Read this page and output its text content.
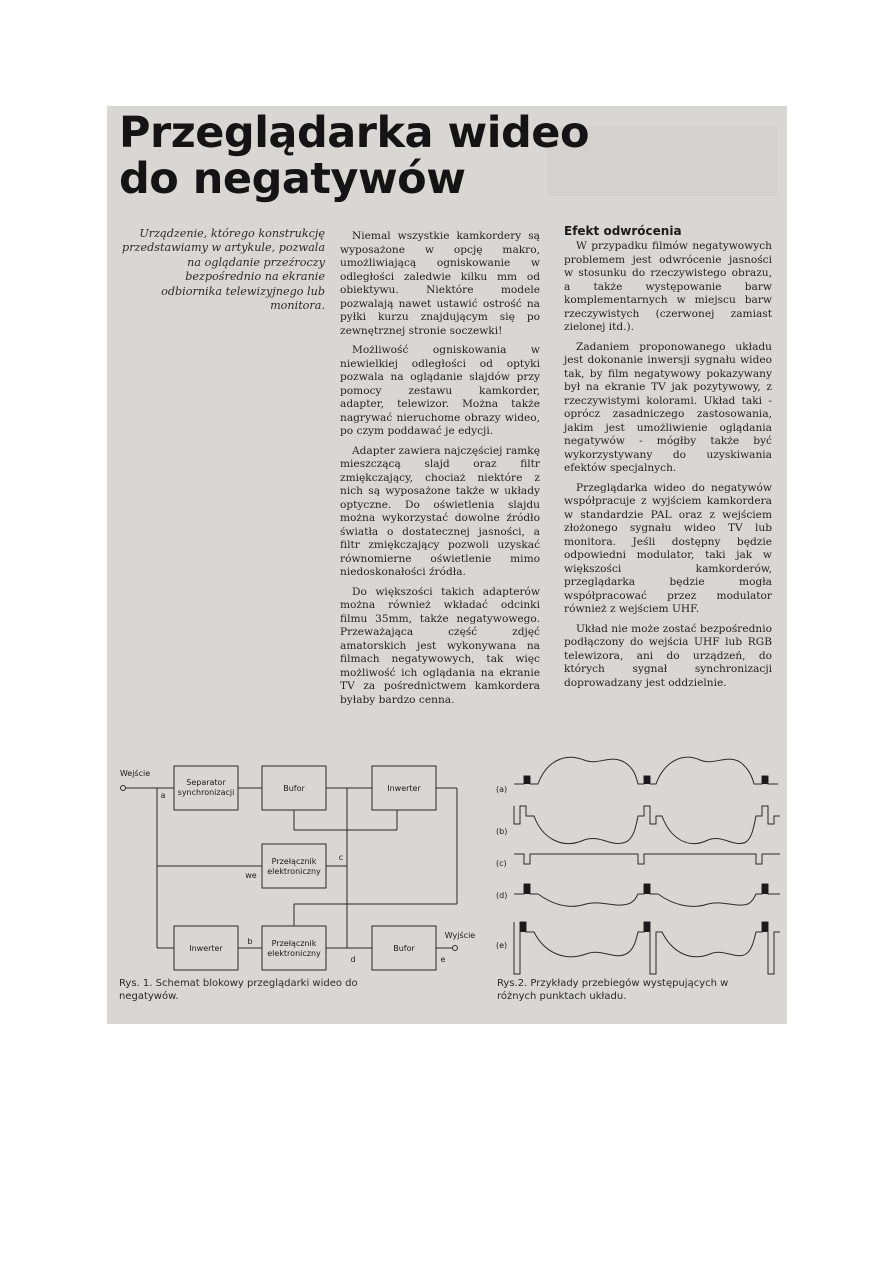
Przeglądarka wideo
do negatywów

Urządzenie, którego konstrukcję przedstawiamy w artykule, pozwala na oglądanie przeźroczy bezpośrednio na ekranie odbiornika telewizyjnego lub monitora.

Niemal wszystkie kamkordery są wyposażone w opcję makro, umożliwiającą ogniskowanie w odległości zaledwie kilku mm od obiektywu. Niektóre modele pozwalają nawet ustawić ostrość na pyłki kurzu znajdującym się po zewnętrznej stronie soczewki!

Możliwość ogniskowania w niewielkiej odległości od optyki pozwala na oglądanie slajdów przy pomocy zestawu kamkorder, adapter, telewizor. Można także nagrywać nieruchome obrazy wideo, po czym poddawać je edycji.

Adapter zawiera najczęściej ramkę mieszczącą slajd oraz filtr zmiękczający, chociaż niektóre z nich są wyposażone także w układy optyczne. Do oświetlenia slajdu można wykorzystać dowolne źródło światła o dostatecznej jasności, a filtr zmiękczający pozwoli uzyskać równomierne oświetlenie mimo niedoskonałości źródła.

Do większości takich adapterów można również wkładać odcinki filmu 35mm, także negatywowego. Przeważająca część zdjęć amatorskich jest wykonywana na filmach negatywowych, tak więc możliwość ich oglądania na ekranie TV za pośrednictwem kamkordera byłaby bardzo cenna.

Efekt odwrócenia

W przypadku filmów negatywowych problemem jest odwrócenie jasności w stosunku do rzeczywistego obrazu, a także występowanie barw komplementarnych w miejscu barw rzeczywistych (czerwonej zamiast zielonej itd.).

Zadaniem proponowanego układu jest dokonanie inwersji sygnału wideo tak, by film negatywowy pokazywany był na ekranie TV jak pozytywowy, z rzeczywistymi kolorami. Układ taki - oprócz zasadniczego zastosowania, jakim jest umożliwienie oglądania negatywów - mógłby także być wykorzystywany do uzyskiwania efektów specjalnych.

Przeglądarka wideo do negatywów współpracuje z wyjściem kamkordera w standardzie PAL oraz z wejściem złożonego sygnału wideo TV lub monitora. Jeśli dostępny będzie odpowiedni modulator, taki jak w większości kamkorderów, przeglądarka będzie mogła współpracować przez modulator również z wejściem UHF.

Układ nie może zostać bezpośrednio podłączony do wejścia UHF lub RGB telewizora, ani do urządzeń, do których sygnał synchronizacji doprowadzany jest oddzielnie.

Wejście
Separator
synchronizacji	Bufor	Inwerter
Przełącznik
elektroniczny
Inwerter
Przełącznik
elektroniczny
Bufor
Wyjście
a
b
c
d	e
we
(a)
(b)
(c)
(d)
(e)

Rys. 1. Schemat blokowy przeglądarki wideo do negatywów.

Rys.2. Przykłady przebiegów występujących w różnych punktach układu.
